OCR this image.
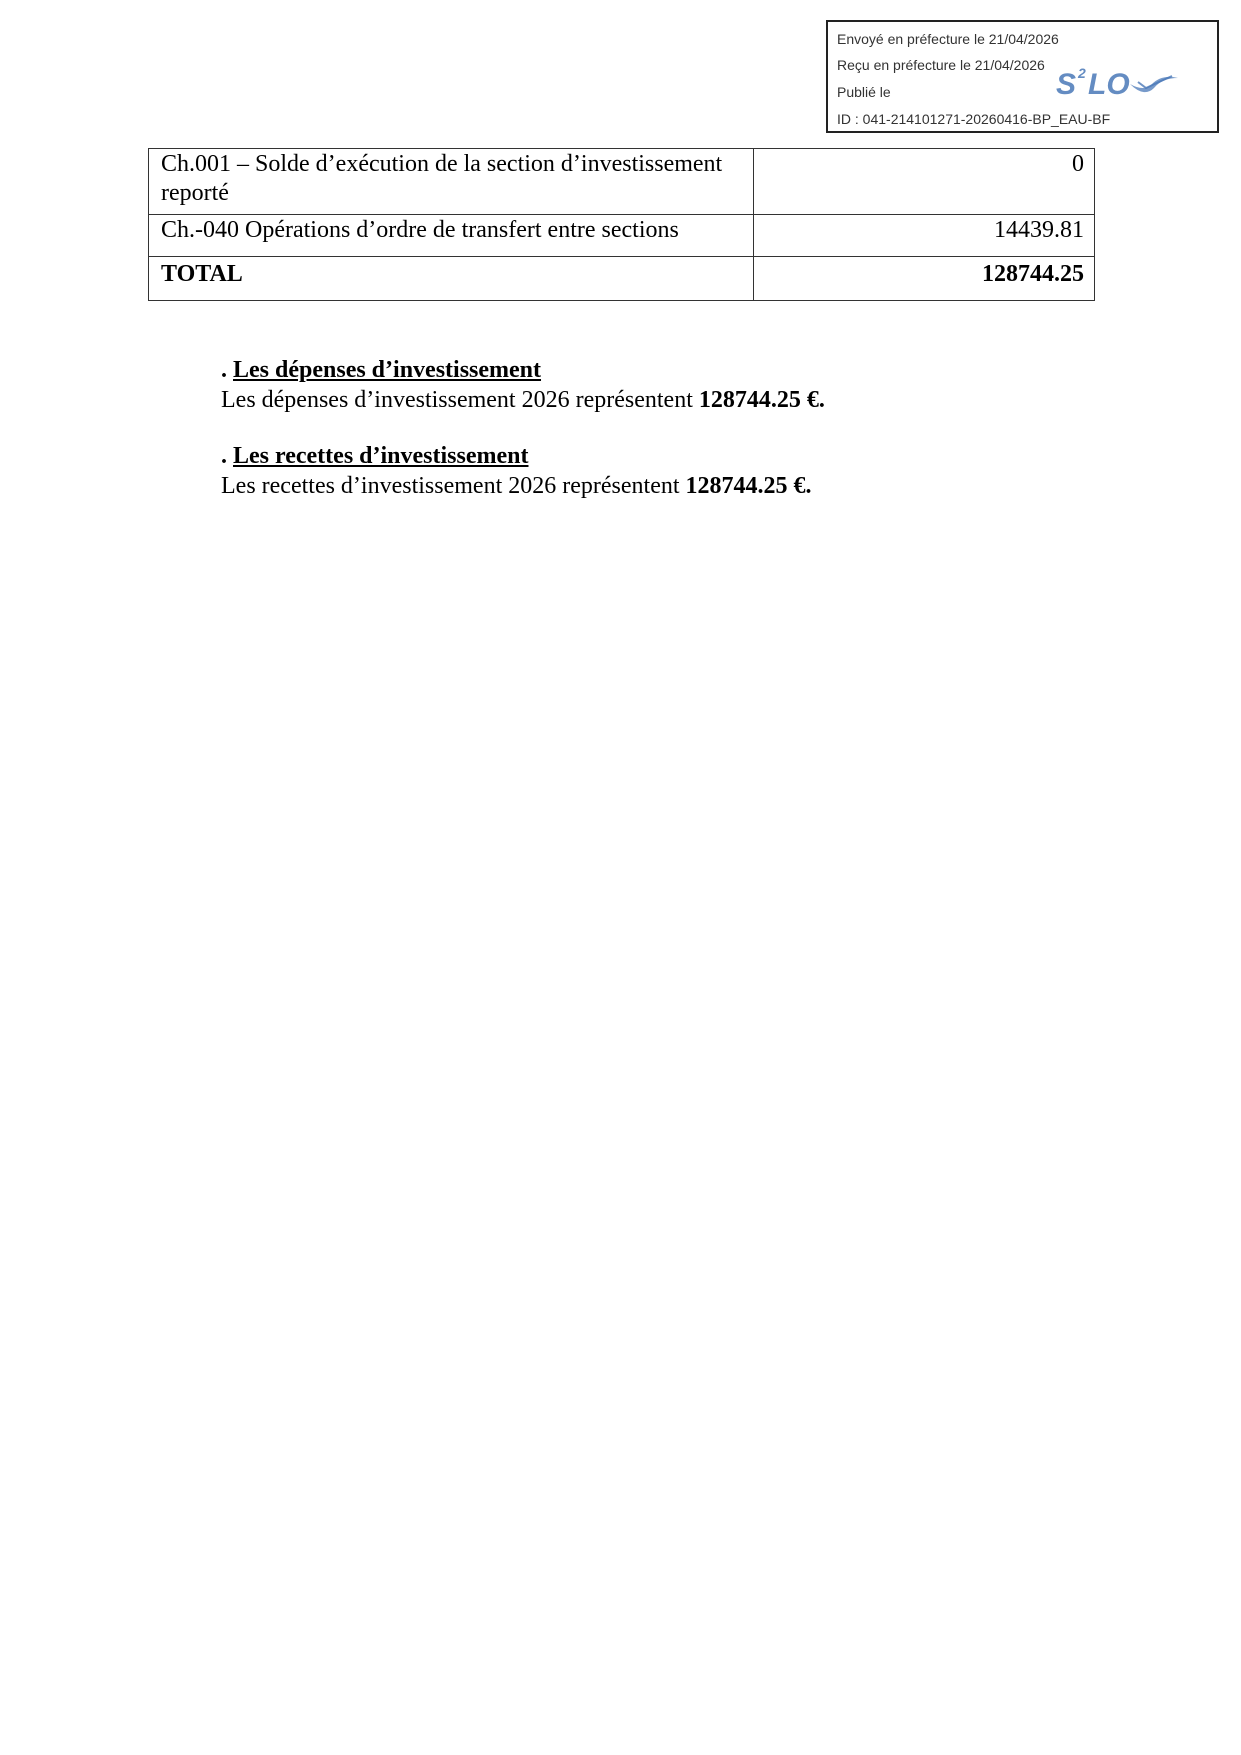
Envoyé en préfecture le 21/04/2026
Reçu en préfecture le 21/04/2026
Publié le
ID : 041-214101271-20260416-BP_EAU-BF
S 2 LO
Ch.001 – Solde d’exécution de la section d’investissement reporté	0
Ch.-040 Opérations d’ordre de transfert entre sections	14439.81
TOTAL	128744.25
. Les dépenses d’investissement
Les dépenses d’investissement 2026 représentent 128744.25 €.
. Les recettes d’investissement
Les recettes d’investissement 2026 représentent 128744.25 €.
